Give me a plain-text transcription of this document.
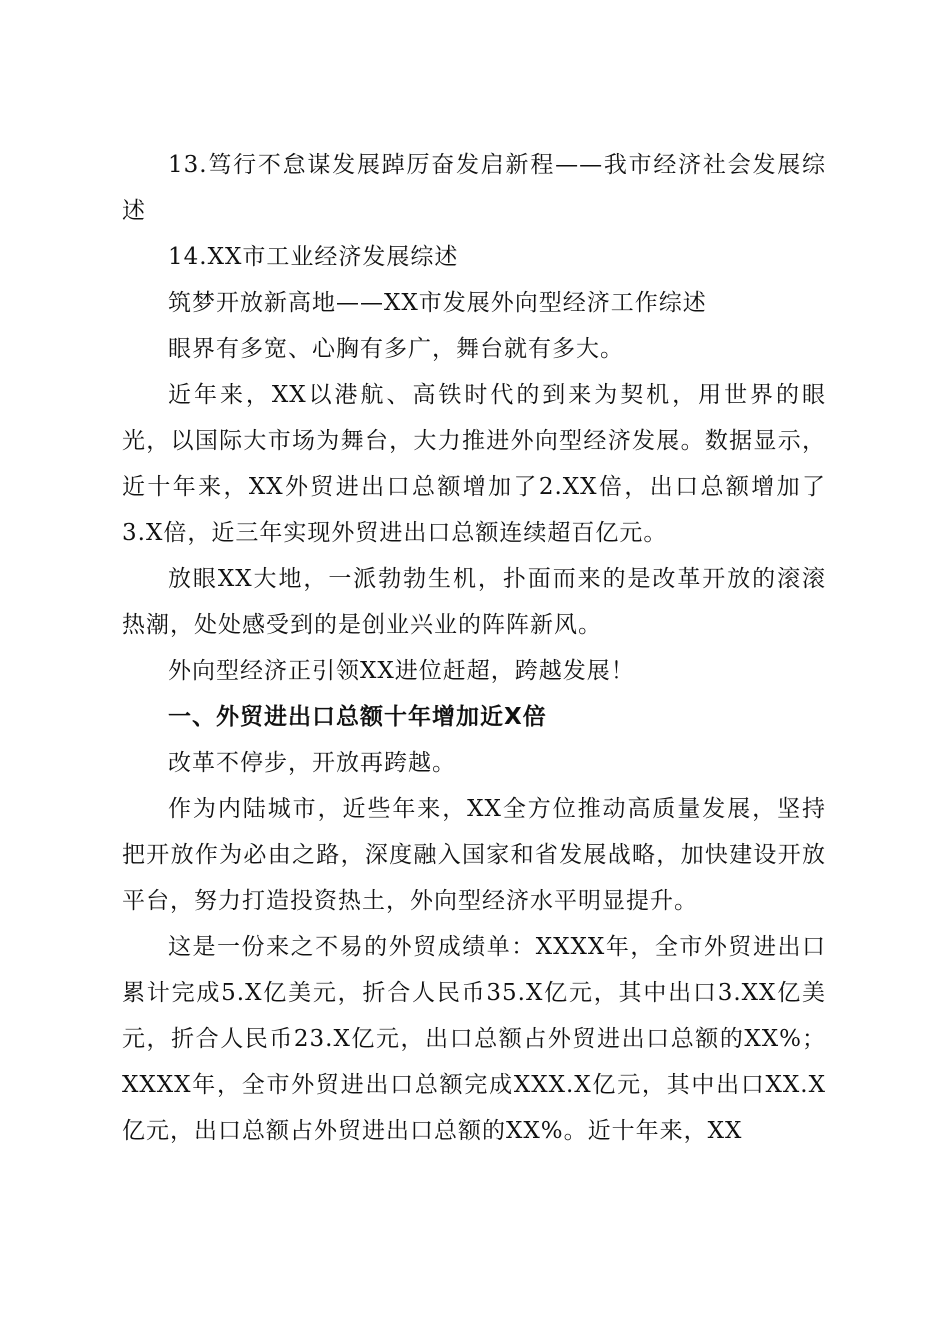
13.笃行不怠谋发展踔厉奋发启新程——我市经济社会发展综述

14.XX市工业经济发展综述

筑梦开放新高地——XX市发展外向型经济工作综述

眼界有多宽、心胸有多广，舞台就有多大。

近年来，XX以港航、高铁时代的到来为契机，用世界的眼光，以国际大市场为舞台，大力推进外向型经济发展。数据显示，近十年来，XX外贸进出口总额增加了2.XX倍，出口总额增加了3.X倍，近三年实现外贸进出口总额连续超百亿元。

放眼XX大地，一派勃勃生机，扑面而来的是改革开放的滚滚热潮，处处感受到的是创业兴业的阵阵新风。

外向型经济正引领XX进位赶超，跨越发展！

一、外贸进出口总额十年增加近X倍

改革不停步，开放再跨越。

作为内陆城市，近些年来，XX全方位推动高质量发展，坚持把开放作为必由之路，深度融入国家和省发展战略，加快建设开放平台，努力打造投资热土，外向型经济水平明显提升。

这是一份来之不易的外贸成绩单：XXXX年，全市外贸进出口累计完成5.X亿美元，折合人民币35.X亿元，其中出口3.XX亿美元，折合人民币23.X亿元，出口总额占外贸进出口总额的XX%；XXXX年，全市外贸进出口总额完成XXX.X亿元，其中出口XX.X亿元，出口总额占外贸进出口总额的XX%。近十年来，XX
